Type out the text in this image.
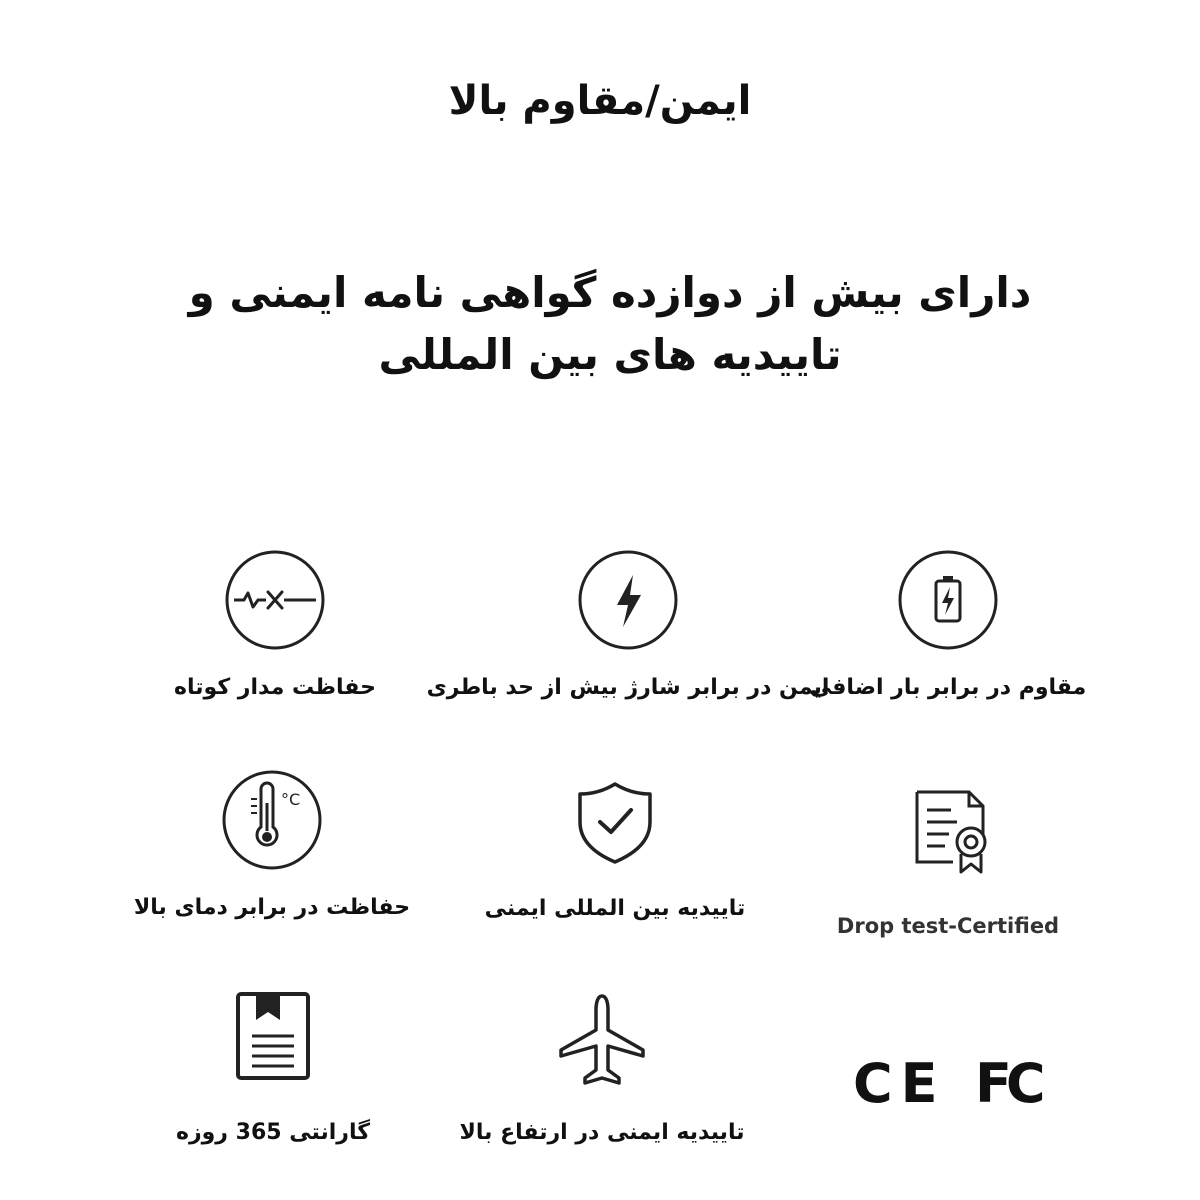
ایمن/مقاوم بالا
دارای بیش از دوازده گواهی نامه ایمنی و
تاییدیه های بین المللی
مقاوم در برابر بار اضافی
ایمن در برابر شارژ بیش از حد باطری
حفاظت مدار کوتاه
Drop test-Certified
تاییدیه بین المللی ایمنی
°C
حفاظت در برابر دمای بالا
تاییدیه ایمنی در ارتفاع بالا
گارانتی 365 روزه
CE FC
